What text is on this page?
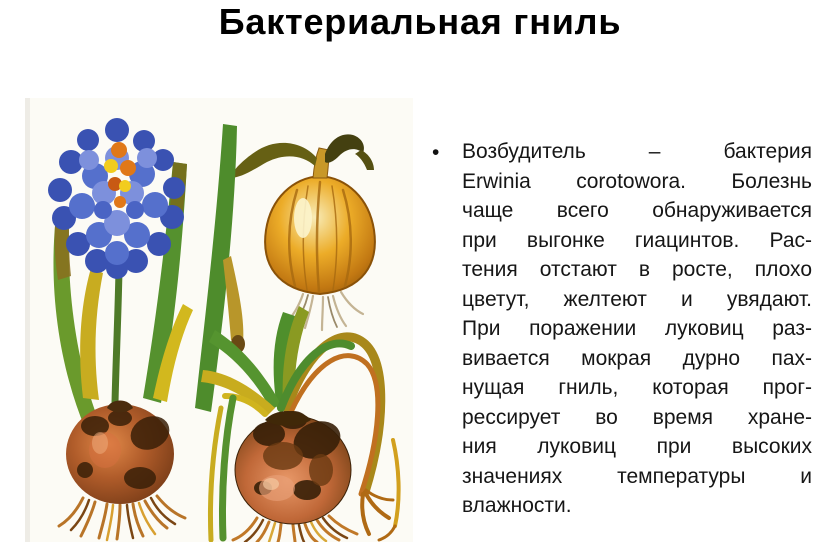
Бактериальная гниль
• Возбудитель – бактерия
Erwinia corotowora. Болезнь
чаще всего обнаруживается
при выгонке гиацинтов. Рас-
тения отстают в росте, плохо
цветут, желтеют и увядают.
При поражении луковиц раз-
вивается мокрая дурно пах-
нущая гниль, которая прог-
рессирует во время хране-
ния луковиц при высоких
значениях температуры и
влажности.
